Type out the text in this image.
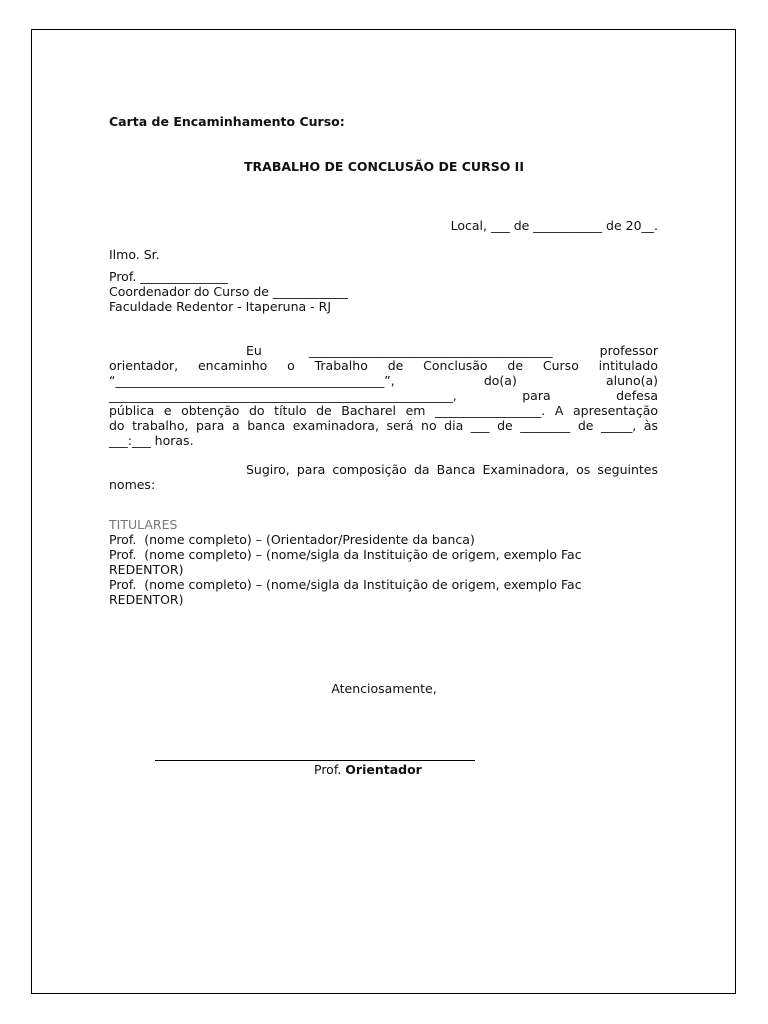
Carta de Encaminhamento Curso:
TRABALHO DE CONCLUSÃO DE CURSO II
Local, ___ de ___________ de 20__.
Ilmo. Sr.
Prof. ______________
Coordenador do Curso de ____________
Faculdade Redentor - Itaperuna - RJ
Eu _______________________________________ professor
orientador, encaminho o Trabalho de Conclusão de Curso intitulado
“___________________________________________”, do(a) aluno(a)
_______________________________________________________, para defesa
pública e obtenção do título de Bacharel em _________________. A apresentação
do trabalho, para a banca examinadora, será no dia ___ de ________ de _____, às
___:___ horas.
Sugiro, para composição da Banca Examinadora, os seguintes
nomes:
TITULARES
Prof.  (nome completo) – (Orientador/Presidente da banca)
Prof.  (nome completo) – (nome/sigla da Instituição de origem, exemplo Fac
REDENTOR)
Prof.  (nome completo) – (nome/sigla da Instituição de origem, exemplo Fac
REDENTOR)
Atenciosamente,
Prof. Orientador
